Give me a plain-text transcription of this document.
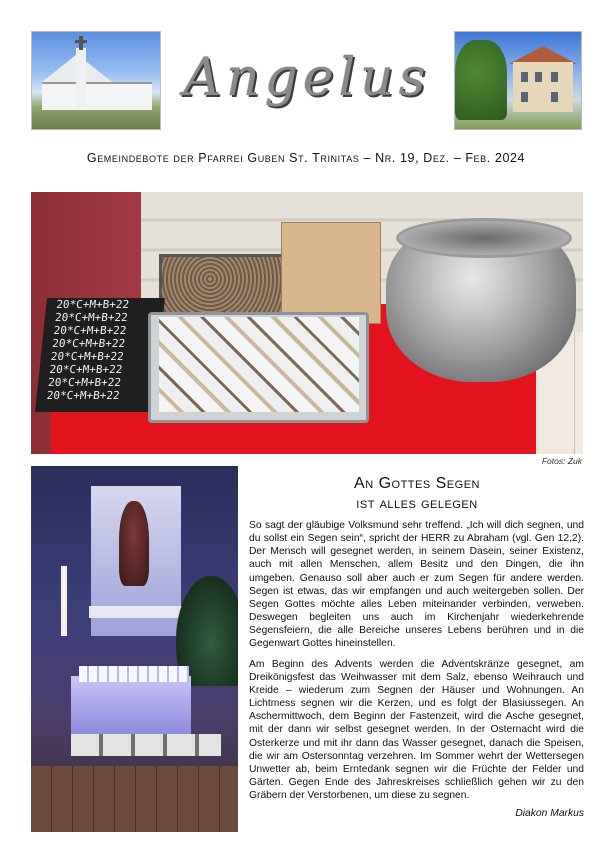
Angelus
Gemeindebote der Pfarrei Guben St. Trinitas – Nr. 19, Dez. – Feb. 2024
20*C+M+B+22
20*C+M+B+22
20*C+M+B+22
20*C+M+B+22
20*C+M+B+22
20*C+M+B+22
20*C+M+B+22
20*C+M+B+22
Fotos: Zuk
An Gottes Segen
ist alles gelegen

So sagt der gläubige Volksmund sehr treffend. „Ich will dich segnen, und du sollst ein Segen sein“, spricht der HERR zu Abraham (vgl. Gen 12,2). Der Mensch will gesegnet werden, in seinem Dasein, seiner Existenz, auch mit allen Menschen, allem Besitz und den Dingen, die ihn umgeben. Genauso soll aber auch er zum Segen für andere werden. Segen ist etwas, das wir empfangen und auch weitergeben sollen. Der Segen Gottes möchte alles Leben miteinander verbinden, verweben. Deswegen begleiten uns auch im Kirchenjahr wiederkehrende Segensfeiern, die alle Bereiche unseres Lebens berühren und in die Gegenwart Gottes hineinstellen.

Am Beginn des Advents werden die Adventskränze gesegnet, am Dreikönigsfest das Weihwasser mit dem Salz, ebenso Weihrauch und Kreide – wiederum zum Segnen der Häuser und Wohnungen. An Lichtmess segnen wir die Kerzen, und es folgt der Blasiussegen. An Aschermittwoch, dem Beginn der Fastenzeit, wird die Asche gesegnet, mit der dann wir selbst gesegnet werden. In der Osternacht wird die Osterkerze und mit ihr dann das Wasser gesegnet, danach die Speisen, die wir am Ostersonntag verzehren. Im Sommer wehrt der Wettersegen Unwetter ab, beim Erntedank segnen wir die Früchte der Felder und Gärten. Gegen Ende des Jahreskreises schließlich gehen wir zu den Gräbern der Verstorbenen, um diese zu segnen.

Diakon Markus
